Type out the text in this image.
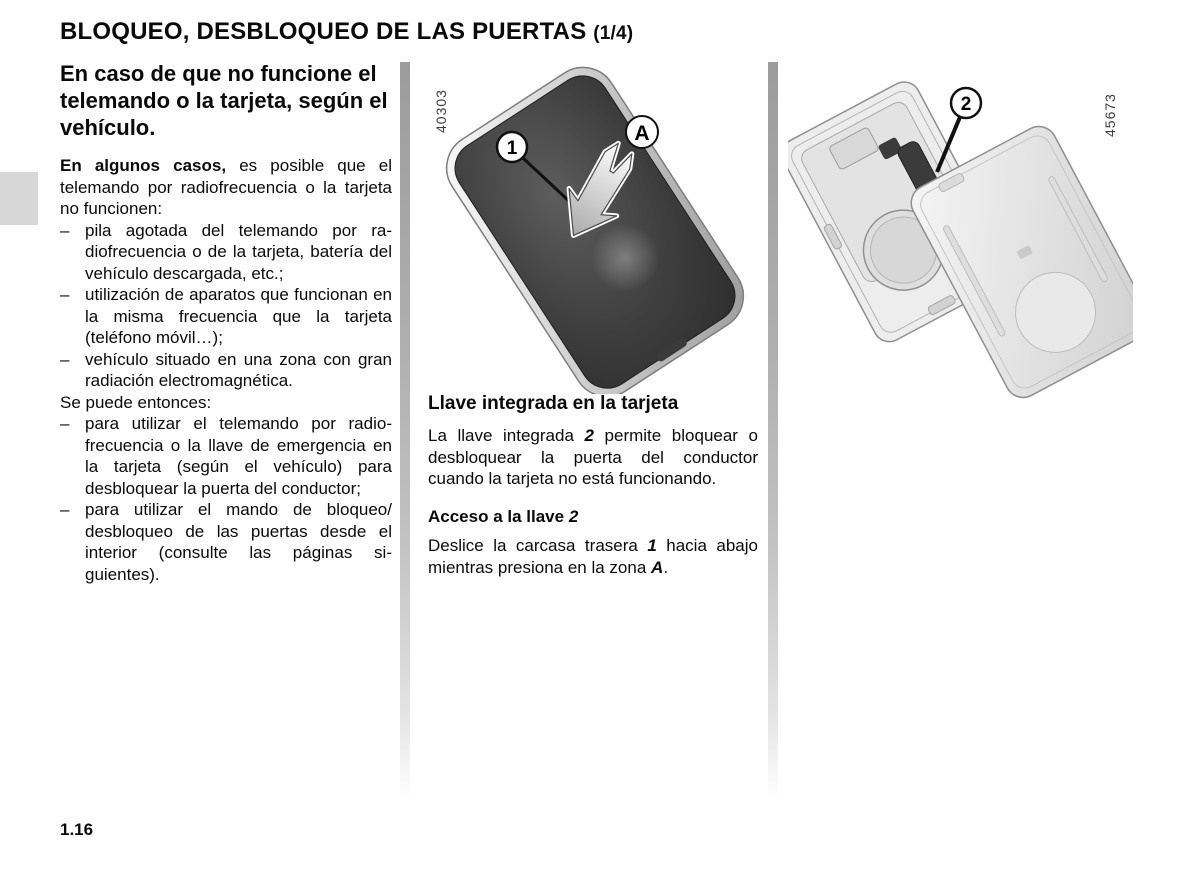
BLOQUEO, DESBLOQUEO DE LAS PUERTAS (1/4)
En caso de que no funcione el telemando o la tarjeta, según el vehículo.

En algunos casos, es posible que el telemando por radiofrecuencia o la tarjeta no funcionen:

– pila agotada del telemando por radiofrecuencia o de la tarjeta, batería del vehículo descargada, etc.;
– utilización de aparatos que funcionan en la misma frecuencia que la tarjeta (teléfono móvil…);
– vehículo situado en una zona con gran radiación electromagnética.

Se puede entonces:

– para utilizar el telemando por radiofrecuencia o la llave de emergencia en la tarjeta (según el vehículo) para desbloquear la puerta del conductor;
– para utilizar el mando de bloqueo/​desbloqueo de las puertas desde el interior (consulte las páginas siguientes).
1
A
40303
Llave integrada en la tarjeta

La llave integrada 2 permite bloquear o desbloquear la puerta del conductor cuando la tarjeta no está funcionando.

Acceso a la llave 2

Deslice la carcasa trasera 1 hacia abajo mientras presiona en la zona A.

2	45673
1.16
